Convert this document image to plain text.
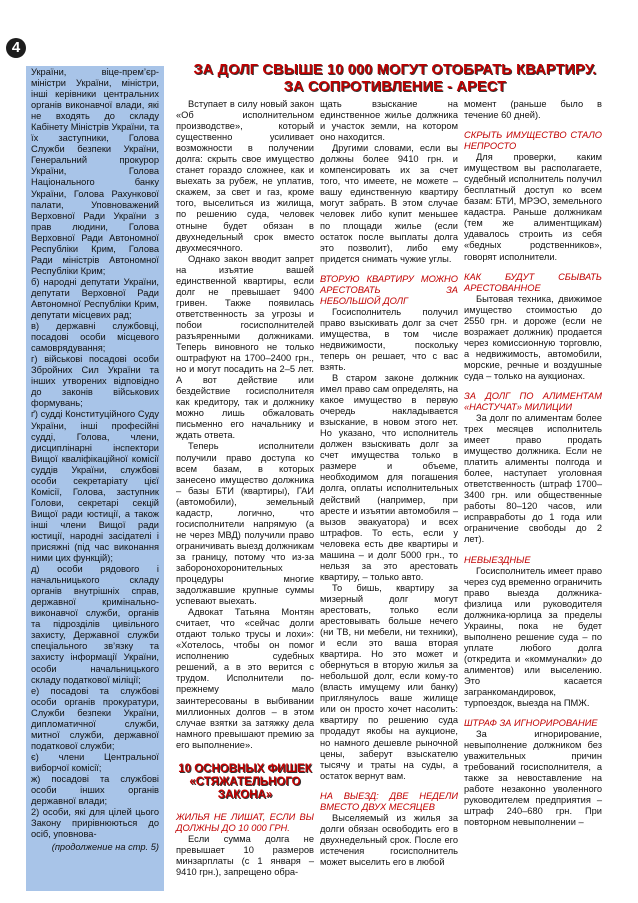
4

України, віце-прем’єр-міністри України, міністри, інші керівники центральних органів виконавчої влади, які не входять до складу Кабінету Міністрів України, та їх заступники, Голова Служби безпеки України, Генеральний прокурор України, Голова Національного банку України, Голова Рахункової палати, Уповноважений Верховної Ради України з прав людини, Голова Верховної Ради Автономної Республіки Крим, Голова Ради міністрів Автономної Республіки Крим;

б) народні депутати України, депутати Верховної Ради Автономної Республіки Крим, депутати місцевих рад;

в) державні службовці, посадові особи місцевого самоврядування;

г) військові посадові особи Збройних Сил України та інших утворених відповідно до законів військових формувань;

ґ) судді Конституційного Суду України, інші професійні судді, Голова, члени, дисциплінарні інспектори Вищої кваліфікаційної комісії суддів України, службові особи секретаріату цієї Комісії, Голова, заступник Голови, секретарі секцій Вищої ради юстиції, а також інші члени Вищої ради юстиції, народні засідателі і присяжні (під час виконання ними цих функцій);

д) особи рядового і начальницького складу органів внутрішніх справ, державної кримінально-виконавчої служби, органів та підрозділів цивільного захисту, Державної служби спеціального зв’язку та захисту інформації України, особи начальницького складу податкової міліції;

е) посадові та службові особи органів прокуратури, Служби безпеки України, дипломатичної служби, митної служби, державної податкової служби;

є) члени Центральної виборчої комісії;

ж) посадові та службові особи інших органів державної влади;

2) особи, які для цілей цього Закону прирівнюються до осіб, уповнова-

(продолжение на стр. 5)

ЗА ДОЛГ СВЫШЕ 10 000 МОГУТ ОТОБРАТЬ КВАРТИРУ.
ЗА СОПРОТИВЛЕНИЕ - АРЕСТ

Вступает в силу новый закон «Об исполнительном производстве», который существенно усиливает возможности в получении долга: скрыть свое имущество станет гораздо сложнее, как и выехать за рубеж, не уплатив, скажем, за свет и газ, кроме того, выселиться из жилища, по решению суда, человек отныне будет обязан в двухнедельный срок вместо двухмесячного.

Однако закон вводит запрет на изъятие вашей единственной квартиры, если долг не превышает 9400 гривен. Также появилась ответственность за угрозы и побои госисполнителей разъяренными должниками. Теперь виновного не только оштрафуют на 1700–2400 грн., но и могут посадить на 2–5 лет. А вот действие или бездействие госисполнителя как кредитору, так и должнику можно лишь обжаловать письменно его начальнику и ждать ответа.

Теперь исполнители получили право доступа ко всем базам, в которых занесено имущество должника – базы БТИ (квартиры), ГАИ (автомобили), земельный кадастр, логично, что госисполнители напрямую (а не через МВД) получили право ограничивать выезд должникам за границу, потому что из-за заборонохоронительных процедуры многие задолжавшие крупные суммы успевают выехать.

Адвокат Татьяна Монтян считает, что «сейчас долги отдают только трусы и лохи»: «Хотелось, чтобы он помог исполнению судебных решений, а в это верится с трудом. Исполнители по-прежнему мало заинтересованы в выбивании миллионных долгов – в этом случае взятки за затяжку дела намного превышают премию за его выполнение».

10 ОСНОВНЫХ ФИШЕК «СТЯЖАТЕЛЬНОГО ЗАКОНА»

ЖИЛЬЯ НЕ ЛИШАТ, ЕСЛИ ВЫ ДОЛЖНЫ ДО 10 000 ГРН.

Если сумма долга не превышает 10 размеров минзарплаты (с 1 января – 9410 грн.), запрещено обра-

щать взыскание на единственное жилье должника и участок земли, на котором оно находится.

Другими словами, если вы должны более 9410 грн. и компенсировать их за счет того, что имеете, не можете – вашу единственную квартиру могут забрать. В этом случае человек либо купит меньшее по площади жилье (если остаток после выплаты долга это позволит), либо ему придется снимать чужие углы.

ВТОРУЮ КВАРТИРУ МОЖНО АРЕСТОВАТЬ ЗА НЕБОЛЬШОЙ ДОЛГ

Госисполнитель получил право взыскивать долг за счет имущества, в том числе недвижимости, поскольку теперь он решает, что с вас взять.

В старом законе должник имел право сам определять, на какое имущество в первую очередь накладывается взыскание, в новом этого нет. Но указано, что исполнитель должен взыскивать долг за счет имущества только в размере и объеме, необходимом для погашения долга, оплаты исполнительных действий (например, при аресте и изъятии автомобиля – вызов эвакуатора) и всех штрафов. То есть, если у человека есть две квартиры и машина – и долг 5000 грн., то нельзя за это арестовать квартиру, – только авто.

То бишь, квартиру за мизерный долг могут арестовать, только если арестовывать больше нечего (ни ТВ, ни мебели, ни техники), и если это ваша вторая квартира. Но это может и обернуться в вторую жилья за небольшой долг, если кому-то (власть имущему или банку) приглянулось ваше жилище или он просто хочет насолить: квартиру по решению суда продадут якобы на аукционе, но намного дешевле рыночной цены, заберут взыскателю тысячу и траты на суды, а остаток вернут вам.

НА ВЫЕЗД: ДВЕ НЕДЕЛИ ВМЕСТО ДВУХ МЕСЯЦЕВ

Выселяемый из жилья за долги обязан освободить его в двухнедельный срок. После его истечения госисполнитель может выселить его в любой

момент (раньше было в течение 60 дней).

СКРЫТЬ ИМУЩЕСТВО СТАЛО НЕПРОСТО

Для проверки, каким имуществом вы располагаете, судебный исполнитель получил бесплатный доступ ко всем базам: БТИ, МРЭО, земельного кадастра. Раньше должникам (тем же алиментщикам) удавалось строить из себя «бедных родственников», говорят исполнители.

КАК БУДУТ СБЫВАТЬ АРЕСТОВАННОЕ

Бытовая техника, движимое имущество стоимостью до 2550 грн. и дороже (если не возражает должник) продается через комиссионную торговлю, а недвижимость, автомобили, морские, речные и воздушные суда – только на аукционах.

ЗА ДОЛГ ПО АЛИМЕНТАМ «НАСТУЧАТ» МИЛИЦИИ

За долг по алиментам более трех месяцев исполнитель имеет право продать имущество должника. Если не платить алименты полгода и более, наступает уголовная ответственность (штраф 1700–3400 грн. или общественные работы 80–120 часов, или исправработы до 1 года или ограничение свободы до 2 лет).

НЕВЫЕЗДНЫЕ

Госисполнитель имеет право через суд временно ограничить право выезда должника-физлица или руководителя должника-юрлица за пределы Украины, пока не будет выполнено решение суда – по уплате любого долга (откредита и «коммуналки» до алиментов) или выселению. Это касается загранкомандировок, турпоездок, выезда на ПМЖ.

ШТРАФ ЗА ИГНОРИРОВАНИЕ

За игнорирование, невыполнение должником без уважительных причин требований госисполнителя, а также за невоставление на работе незаконно уволенного руководителем предприятия – штраф 240–680 грн. При повторном невыполнении –
